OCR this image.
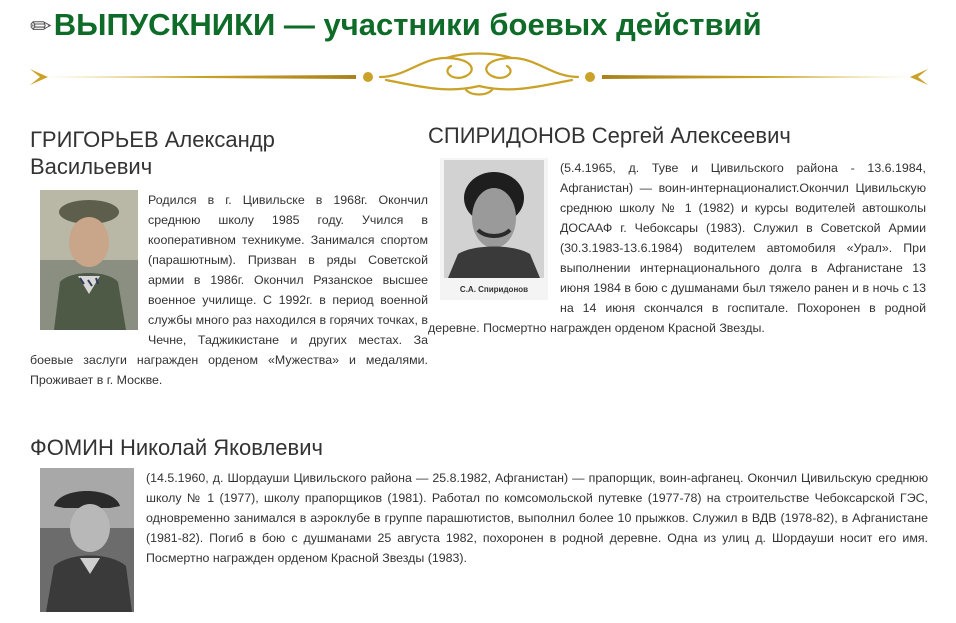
✏ВЫПУСКНИКИ — участники боевых действий
ГРИГОРЬЕВ Александр
Васильевич
Родился в г. Цивильске в 1968г. Окончил среднюю школу 1985 году. Учился в кооперативном техникуме. Занимался спортом (парашютным). Призван в ряды Советской армии в 1986г. Окончил Рязанское высшее военное училище. С 1992г. в период военной службы много раз находился в горячих точках, в Чечне, Таджикистане и других местах. За боевые заслуги награжден орденом «Мужества» и медалями. Проживает в г. Москве.
СПИРИДОНОВ Сергей Алексеевич
С.А. Спиридонов
(5.4.1965, д. Туве и Цивильского района - 13.6.1984, Афганистан) — воин-интернационалист.Окончил Цивильскую среднюю школу № 1 (1982) и курсы водителей автошколы ДОСААФ г. Чебоксары (1983). Служил в Советской Армии (30.3.1983-13.6.1984) водителем автомобиля «Урал». При выполнении интернационального долга в Афганистане 13 июня 1984 в бою с душманами был тяжело ранен и в ночь с 13 на 14 июня скончался в госпитале. Похоронен в родной деревне. Посмертно награжден орденом Красной Звезды.
ФОМИН Николай Яковлевич
(14.5.1960, д. Шордауши Цивильского района — 25.8.1982, Афганистан) — прапорщик, воин-афганец. Окончил Цивильскую среднюю школу № 1 (1977), школу прапорщиков (1981). Работал по комсомольской путевке (1977-78) на строительстве Чебоксарской ГЭС, одновременно занимался в аэроклубе в группе парашютистов, выполнил более 10 прыжков. Служил в ВДВ (1978-82), в Афганистане (1981-82). Погиб в бою с душманами 25 августа 1982, похоронен в родной деревне. Одна из улиц д. Шордауши носит его имя. Посмертно награжден орденом Красной Звезды (1983).
